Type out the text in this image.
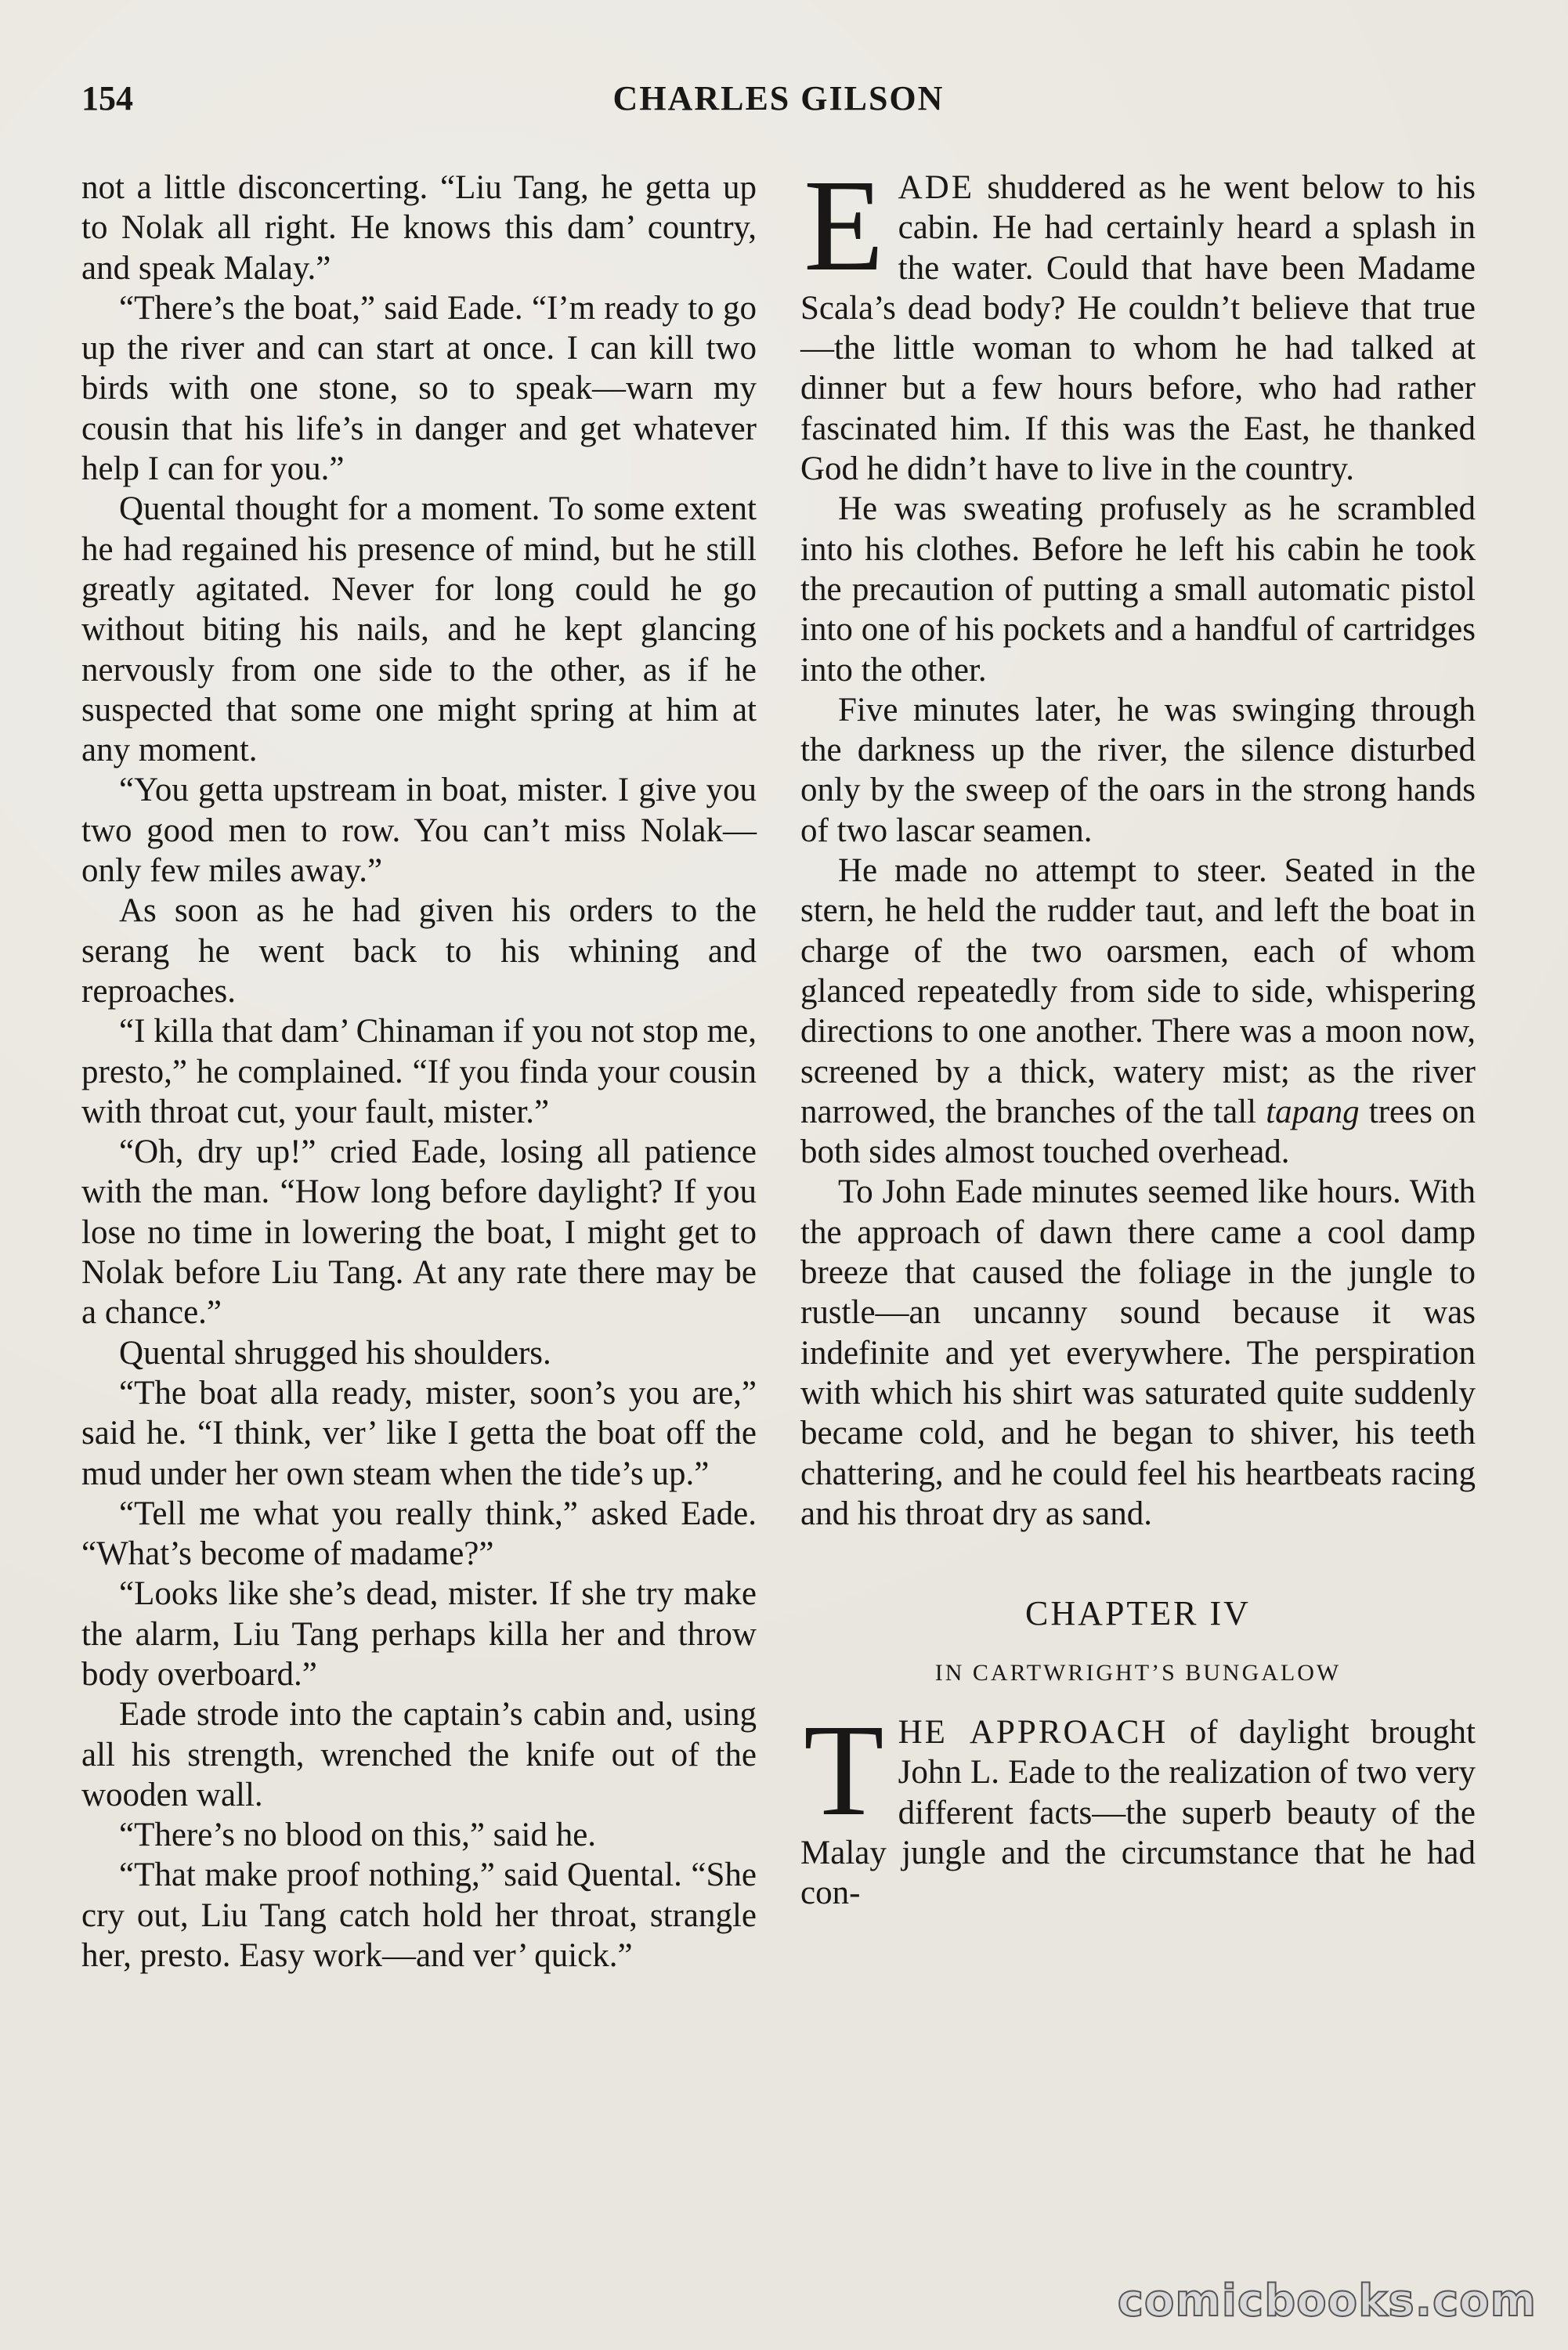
154	CHARLES GILSON

not a little disconcerting. “Liu Tang, he getta up to Nolak all right. He knows this dam’ country, and speak Malay.”

“There’s the boat,” said Eade. “I’m ready to go up the river and can start at once. I can kill two birds with one stone, so to speak—warn my cousin that his life’s in danger and get whatever help I can for you.”

Quental thought for a moment. To some extent he had regained his presence of mind, but he still greatly agitated. Never for long could he go without biting his nails, and he kept glancing nervously from one side to the other, as if he suspected that some one might spring at him at any moment.

“You getta upstream in boat, mister. I give you two good men to row. You can’t miss Nolak—only few miles away.”

As soon as he had given his orders to the serang he went back to his whining and reproaches.

“I killa that dam’ Chinaman if you not stop me, presto,” he complained. “If you finda your cousin with throat cut, your fault, mister.”

“Oh, dry up!” cried Eade, losing all patience with the man. “How long before daylight? If you lose no time in lowering the boat, I might get to Nolak before Liu Tang. At any rate there may be a chance.”

Quental shrugged his shoulders.

“The boat alla ready, mister, soon’s you are,” said he. “I think, ver’ like I getta the boat off the mud under her own steam when the tide’s up.”

“Tell me what you really think,” asked Eade. “What’s become of madame?”

“Looks like she’s dead, mister. If she try make the alarm, Liu Tang perhaps killa her and throw body overboard.”

Eade strode into the captain’s cabin and, using all his strength, wrenched the knife out of the wooden wall.

“There’s no blood on this,” said he.

“That make proof nothing,” said Quental. “She cry out, Liu Tang catch hold her throat, strangle her, presto. Easy work—and ver’ quick.”

EADE shuddered as he went below to his cabin. He had certainly heard a splash in the water. Could that have been Madame Scala’s dead body? He couldn’t believe that true—the little woman to whom he had talked at dinner but a few hours before, who had rather fascinated him. If this was the East, he thanked God he didn’t have to live in the country.

He was sweating profusely as he scrambled into his clothes. Before he left his cabin he took the precaution of putting a small automatic pistol into one of his pockets and a handful of cartridges into the other.

Five minutes later, he was swinging through the darkness up the river, the silence disturbed only by the sweep of the oars in the strong hands of two lascar seamen.

He made no attempt to steer. Seated in the stern, he held the rudder taut, and left the boat in charge of the two oarsmen, each of whom glanced repeatedly from side to side, whispering directions to one another. There was a moon now, screened by a thick, watery mist; as the river narrowed, the branches of the tall tapang trees on both sides almost touched overhead.

To John Eade minutes seemed like hours. With the approach of dawn there came a cool damp breeze that caused the foliage in the jungle to rustle—an uncanny sound because it was indefinite and yet everywhere. The perspiration with which his shirt was saturated quite suddenly became cold, and he began to shiver, his teeth chattering, and he could feel his heartbeats racing and his throat dry as sand.

CHAPTER IV
IN CARTWRIGHT’S BUNGALOW

THE APPROACH of daylight brought John L. Eade to the realization of two very different facts—the superb beauty of the Malay jungle and the circumstance that he had con-

comicbooks.com
